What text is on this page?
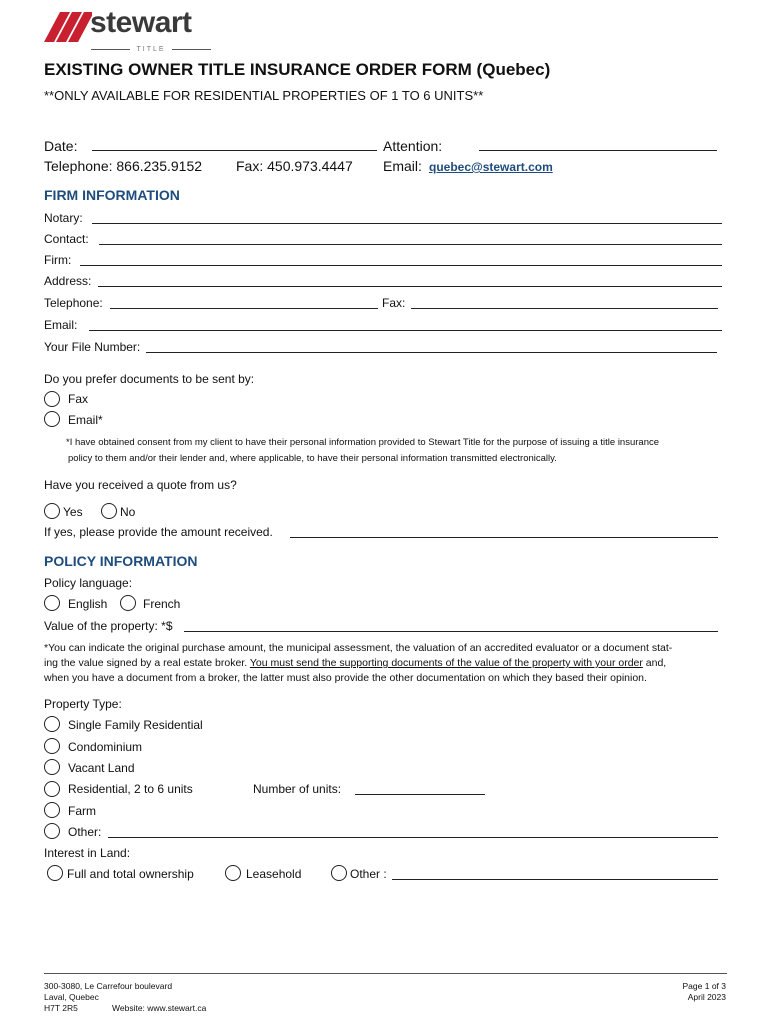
stewart
TITLE
EXISTING OWNER TITLE INSURANCE ORDER FORM (Quebec)
**ONLY AVAILABLE FOR RESIDENTIAL PROPERTIES OF 1 TO 6 UNITS**
Date:	Attention:
Telephone: 866.235.9152 Fax: 450.973.4447 Email: quebec@stewart.com
FIRM INFORMATION
Notary:
Contact:
Firm:
Address:
Telephone:	Fax:
Email:
Your File Number:
Do you prefer documents to be sent by:
Fax
Email*
*I have obtained consent from my client to have their personal information provided to Stewart Title for the purpose of issuing a title insurance
policy to them and/or their lender and, where applicable, to have their personal information transmitted electronically.
Have you received a quote from us?
Yes	No
If yes, please provide the amount received.
POLICY INFORMATION
Policy language:
English	French
Value of the property: *$
*You can indicate the original purchase amount, the municipal assessment, the valuation of an accredited evaluator or a document stat-
ing the value signed by a real estate broker. You must send the supporting documents of the value of the property with your order and,
when you have a document from a broker, the latter must also provide the other documentation on which they based their opinion.
Property Type:
Single Family Residential
Condominium
Vacant Land
Residential, 2 to 6 units	Number of units:
Farm
Other:
Interest in Land:
Full and total ownership	Leasehold	Other :
300-3080, Le Carrefour boulevard
Laval, Quebec
H7T 2R5	Website: www.stewart.ca
Page 1 of 3
April 2023
